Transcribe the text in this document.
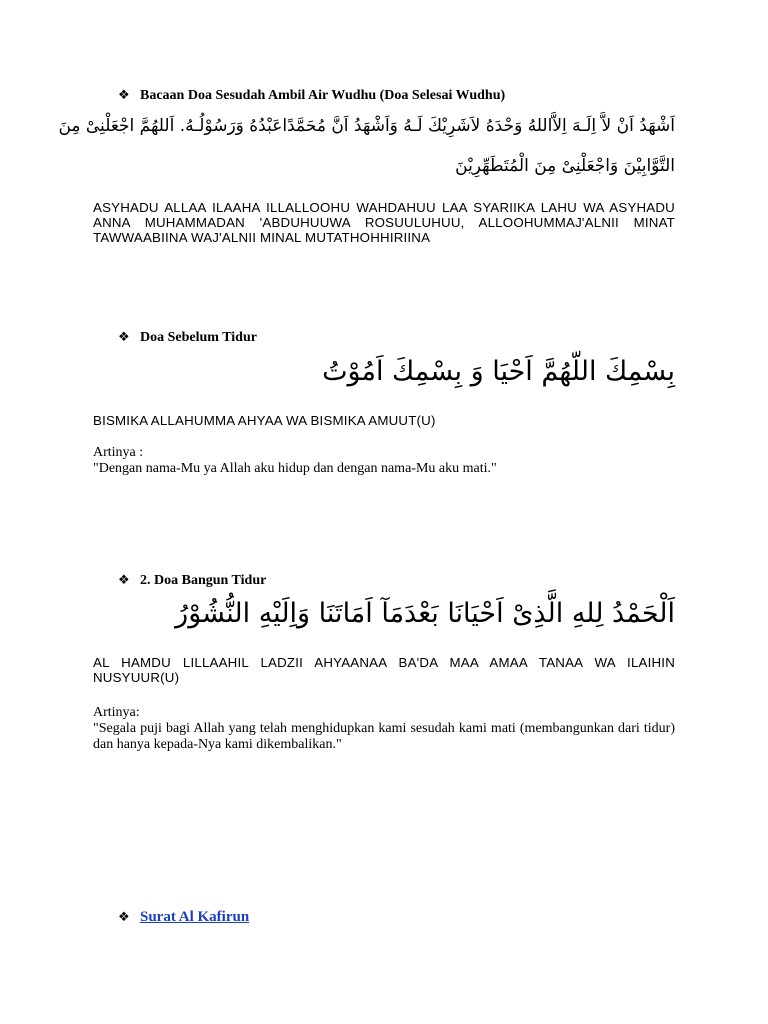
❖ Bacaan Doa Sesudah Ambil Air Wudhu (Doa Selesai Wudhu)
اَشْهَدُ اَنْ لاَّ اِلَـهَ اِلاَّاللهُ وَحْدَهُ لاَشَرِيْكَ لَـهُ وَاَشْهَدُ اَنَّ مُحَمَّدًاعَبْدُهُ وَرَسُوْلُـهُ. اَللهُمَّ اجْعَلْنِىْ مِنَ
التَّوَّابِيْنَ وَاجْعَلْنِىْ مِنَ الْمُتَطَهِّرِيْنَ
ASYHADU ALLAA ILAAHA ILLALLOOHU WAHDAHUU LAA SYARIIKA LAHU WA ASYHADU ANNA MUHAMMADAN 'ABDUHUUWA ROSUULUHUU, ALLOOHUMMAJ'ALNII MINAT TAWWAABIINA WAJ'ALNII MINAL MUTATHOHHIRIINA
❖ Doa Sebelum Tidur
بِسْمِكَ اللّهُمَّ اَحْيَا وَ بِسْمِكَ اَمُوْتُ
BISMIKA ALLAHUMMA AHYAA WA BISMIKA AMUUT(U)
Artinya :
"Dengan nama-Mu ya Allah aku hidup dan dengan nama-Mu aku mati."
❖ 2. Doa Bangun Tidur
اَلْحَمْدُ لِلهِ الَّذِىْ اَحْيَانَا بَعْدَمَآ اَمَاتَنَا وَاِلَيْهِ النُّشُوْرُ
AL HAMDU LILLAAHIL LADZII AHYAANAA BA'DA MAA AMAA TANAA WA ILAIHIN NUSYUUR(U)
Artinya:
"Segala puji bagi Allah yang telah menghidupkan kami sesudah kami mati (membangunkan dari tidur) dan hanya kepada-Nya kami dikembalikan."
❖ Surat Al Kafirun
